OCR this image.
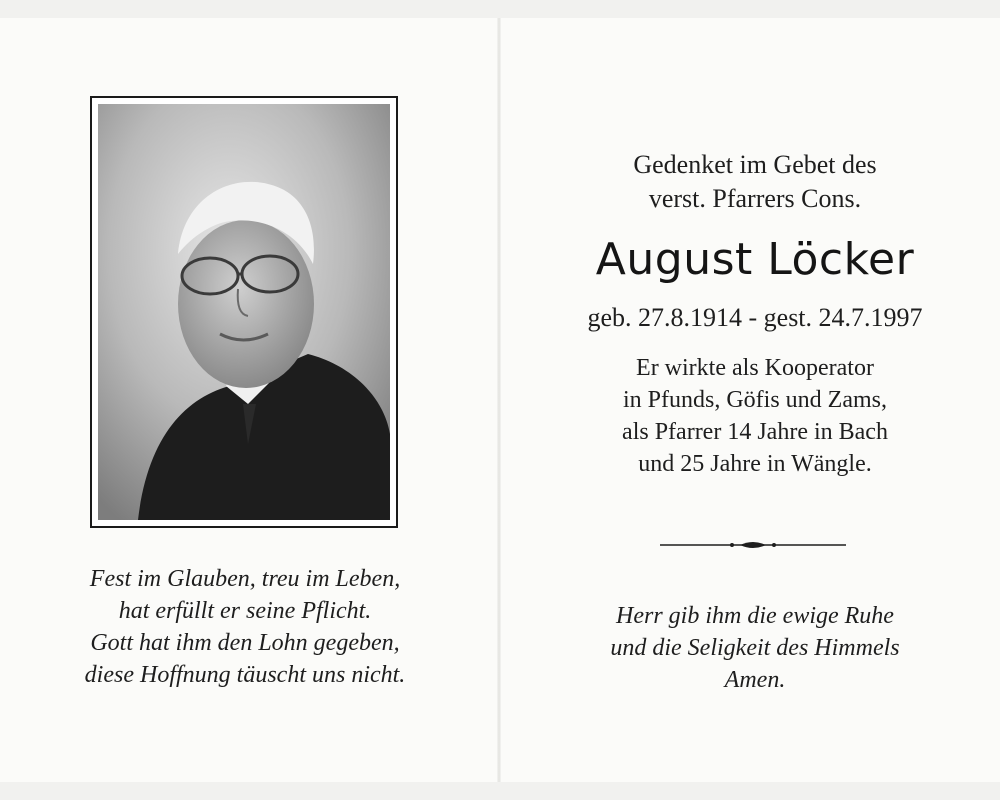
Fest im Glauben, treu im Leben,
hat erfüllt er seine Pflicht.
Gott hat ihm den Lohn gegeben,
diese Hoffnung täuscht uns nicht.
Gedenket im Gebet des
verst. Pfarrers Cons.
August Löcker
geb. 27.8.1914 - gest. 24.7.1997
Er wirkte als Kooperator
in Pfunds, Göfis und Zams,
als Pfarrer 14 Jahre in Bach
und 25 Jahre in Wängle.
Herr gib ihm die ewige Ruhe
und die Seligkeit des Himmels
Amen.
